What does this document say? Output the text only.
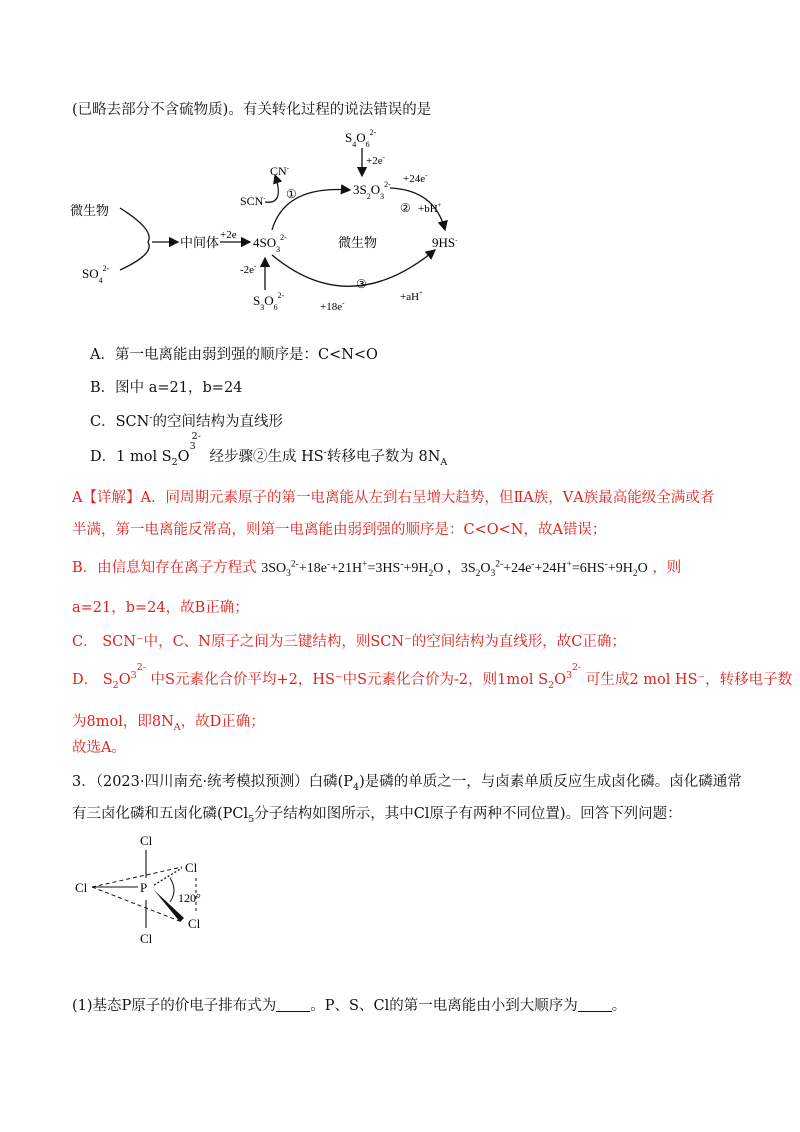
(已略去部分不含硫物质)。有关转化过程的说法错误的是
微生物
$SO_4^{2-}$
中间体 +2e $4SO_3^{2-}$
-2e-
$S_3O_6^{2-}$
微生物
SCN-
CN-
①	$3S_2O_3^{2-}$
$S_4O_6^{2-}$
+2e-
+24e-
② +bH+
9HS-
③
+18e-	+aH+
A．第一电离能由弱到强的顺序是：C<N<O
B．图中 a=21，b=24
C．SCN-的空间结构为直线形
D．1 mol $S_2O^{32-}$ 经步骤②生成 HS-转移电子数为 $8N_A$
A【详解】A．同周期元素原子的第一电离能从左到右呈增大趋势，但ⅡA族，ⅤA族最高能级全满或者
半满，第一电离能反常高，则第一电离能由弱到强的顺序是：C<O<N，故A错误；
B．由信息知存在离子方程式 $3SO_3^{2-}+18e^-+21H^+=3HS^-+9H_2O$ ，$3S_2O_3^{2-}+24e^-+24H^+=6HS^-+9H_2O$ ，则
a=21，b=24，故B正确；
C． SCN⁻中，C、N原子之间为三键结构，则SCN⁻的空间结构为直线形，故C正确；
D． $S_2O^{32-}$ 中S元素化合价平均+2，HS⁻中S元素化合价为-2，则1mol $S_2O^{32-}$ 可生成2 mol HS⁻，转移电子数
为8mol，即$8N_A$，故D正确；
故选A。
3．（2023·四川南充·统考模拟预测）白磷$(P_4)$是磷的单质之一，与卤素单质反应生成卤化磷。卤化磷通常
有三卤化磷和五卤化磷(PCl$_5$分子结构如图所示，其中Cl原子有两种不同位置)。回答下列问题：
Cl
P
Cl
Cl
Cl
Cl
120°
(1)基态P原子的价电子排布式为 。P、S、Cl的第一电离能由小到大顺序为 。
